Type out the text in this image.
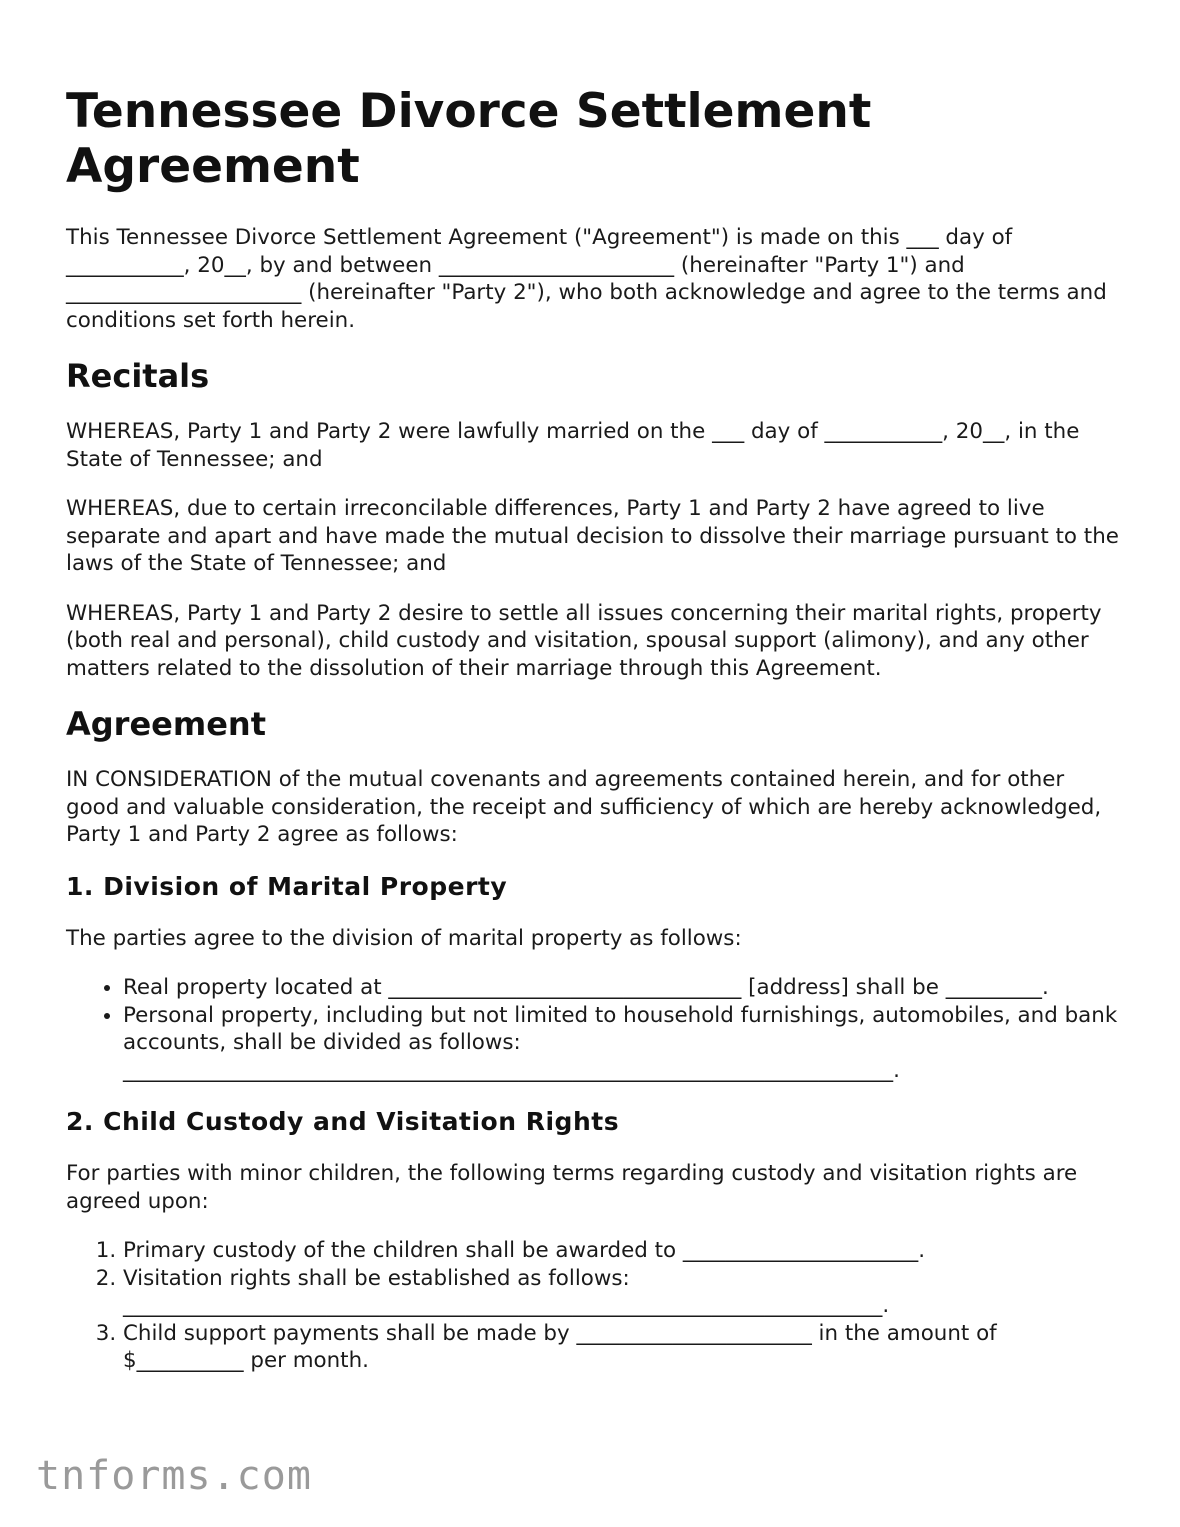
Tennessee Divorce Settlement Agreement

This Tennessee Divorce Settlement Agreement ("Agreement") is made on this ___ day of ___________, 20__, by and between ______________________ (hereinafter "Party 1") and ______________________ (hereinafter "Party 2"), who both acknowledge and agree to the terms and conditions set forth herein.

Recitals

WHEREAS, Party 1 and Party 2 were lawfully married on the ___ day of ___________, 20__, in the State of Tennessee; and

WHEREAS, due to certain irreconcilable differences, Party 1 and Party 2 have agreed to live separate and apart and have made the mutual decision to dissolve their marriage pursuant to the laws of the State of Tennessee; and

WHEREAS, Party 1 and Party 2 desire to settle all issues concerning their marital rights, property (both real and personal), child custody and visitation, spousal support (alimony), and any other matters related to the dissolution of their marriage through this Agreement.

Agreement

IN CONSIDERATION of the mutual covenants and agreements contained herein, and for other good and valuable consideration, the receipt and sufficiency of which are hereby acknowledged, Party 1 and Party 2 agree as follows:

1. Division of Marital Property

The parties agree to the division of marital property as follows:

• Real property located at _________________________________ [address] shall be _________.
• Personal property, including but not limited to household furnishings, automobiles, and bank accounts, shall be divided as follows: ________________________________________________________________________.
2. Child Custody and Visitation Rights

For parties with minor children, the following terms regarding custody and visitation rights are agreed upon:

1. Primary custody of the children shall be awarded to ______________________.
2. Visitation rights shall be established as follows: _______________________________________________________________________.
3. Child support payments shall be made by ______________________ in the amount of $__________ per month.
tnforms.com
